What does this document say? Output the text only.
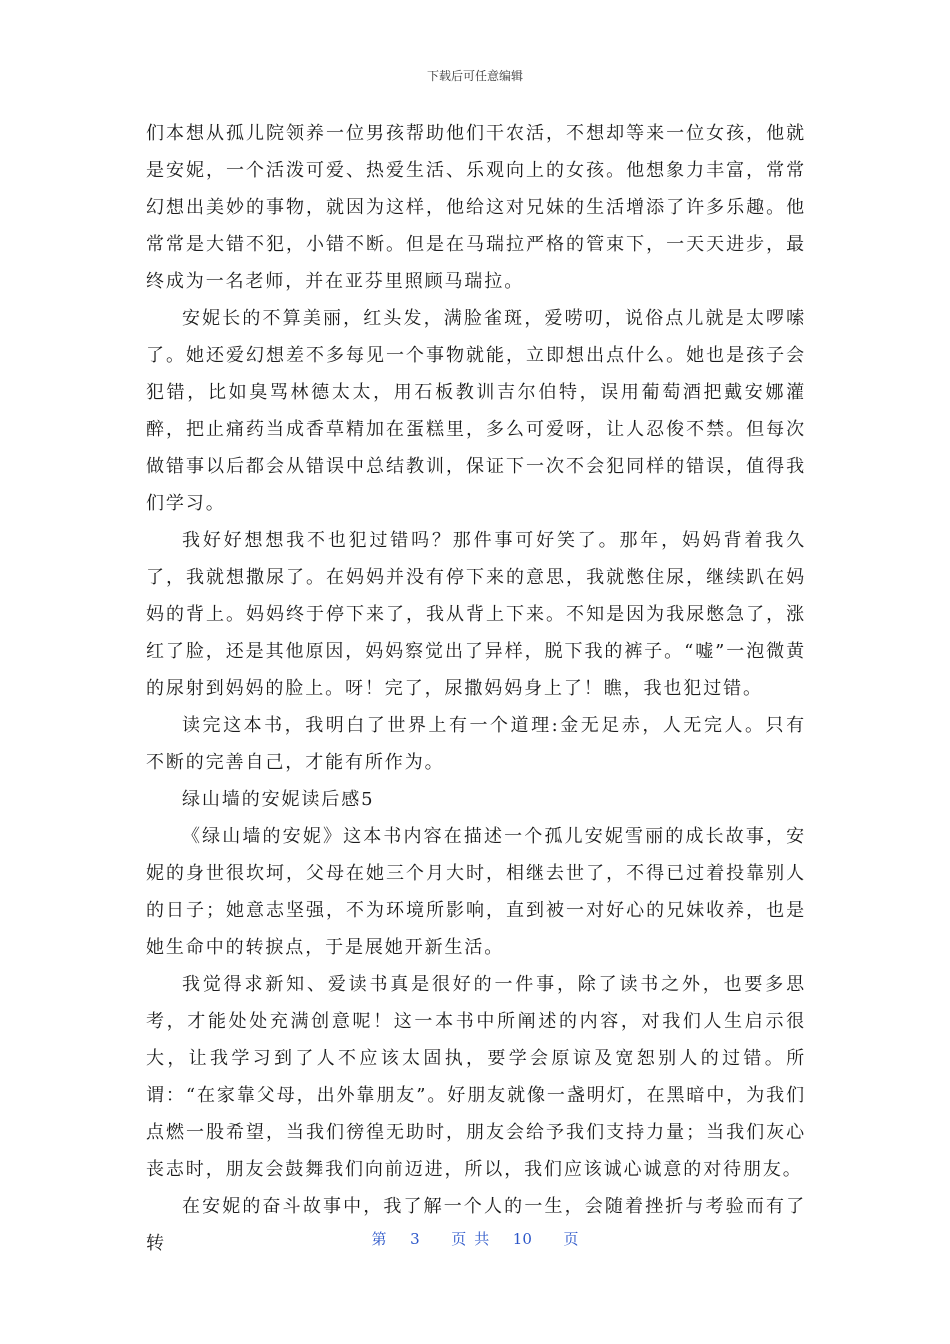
下载后可任意编辑

们本想从孤儿院领养一位男孩帮助他们干农活，不想却等来一位女孩，他就是安妮，一个活泼可爱、热爱生活、乐观向上的女孩。他想象力丰富，常常幻想出美妙的事物，就因为这样，他给这对兄妹的生活增添了许多乐趣。他常常是大错不犯，小错不断。但是在马瑞拉严格的管束下，一天天进步，最终成为一名老师，并在亚芬里照顾马瑞拉。

安妮长的不算美丽，红头发，满脸雀斑，爱唠叨，说俗点儿就是太啰嗦了。她还爱幻想差不多每见一个事物就能，立即想出点什么。她也是孩子会犯错，比如臭骂林德太太，用石板教训吉尔伯特，误用葡萄酒把戴安娜灌醉，把止痛药当成香草精加在蛋糕里，多么可爱呀，让人忍俊不禁。但每次做错事以后都会从错误中总结教训，保证下一次不会犯同样的错误，值得我们学习。

我好好想想我不也犯过错吗？那件事可好笑了。那年，妈妈背着我久了，我就想撒尿了。在妈妈并没有停下来的意思，我就憋住尿，继续趴在妈妈的背上。妈妈终于停下来了，我从背上下来。不知是因为我尿憋急了，涨红了脸，还是其他原因，妈妈察觉出了异样，脱下我的裤子。“嘘”一泡微黄的尿射到妈妈的脸上。呀！完了，尿撒妈妈身上了！瞧，我也犯过错。

读完这本书，我明白了世界上有一个道理:金无足赤，人无完人。只有不断的完善自己，才能有所作为。

绿山墙的安妮读后感5

《绿山墙的安妮》这本书内容在描述一个孤儿安妮雪丽的成长故事，安妮的身世很坎坷，父母在她三个月大时，相继去世了，不得已过着投靠别人的日子；她意志坚强，不为环境所影响，直到被一对好心的兄妹收养，也是她生命中的转捩点，于是展她开新生活。

我觉得求新知、爱读书真是很好的一件事，除了读书之外，也要多思考，才能处处充满创意呢！这一本书中所阐述的内容，对我们人生启示很大，让我学习到了人不应该太固执，要学会原谅及宽恕别人的过错。所谓：“在家靠父母，出外靠朋友”。好朋友就像一盏明灯，在黑暗中，为我们点燃一股希望，当我们徬徨无助时，朋友会给予我们支持力量；当我们灰心丧志时，朋友会鼓舞我们向前迈进，所以，我们应该诚心诚意的对待朋友。

在安妮的奋斗故事中，我了解一个人的一生，会随着挫折与考验而有了转	第 3 页共 10 页
